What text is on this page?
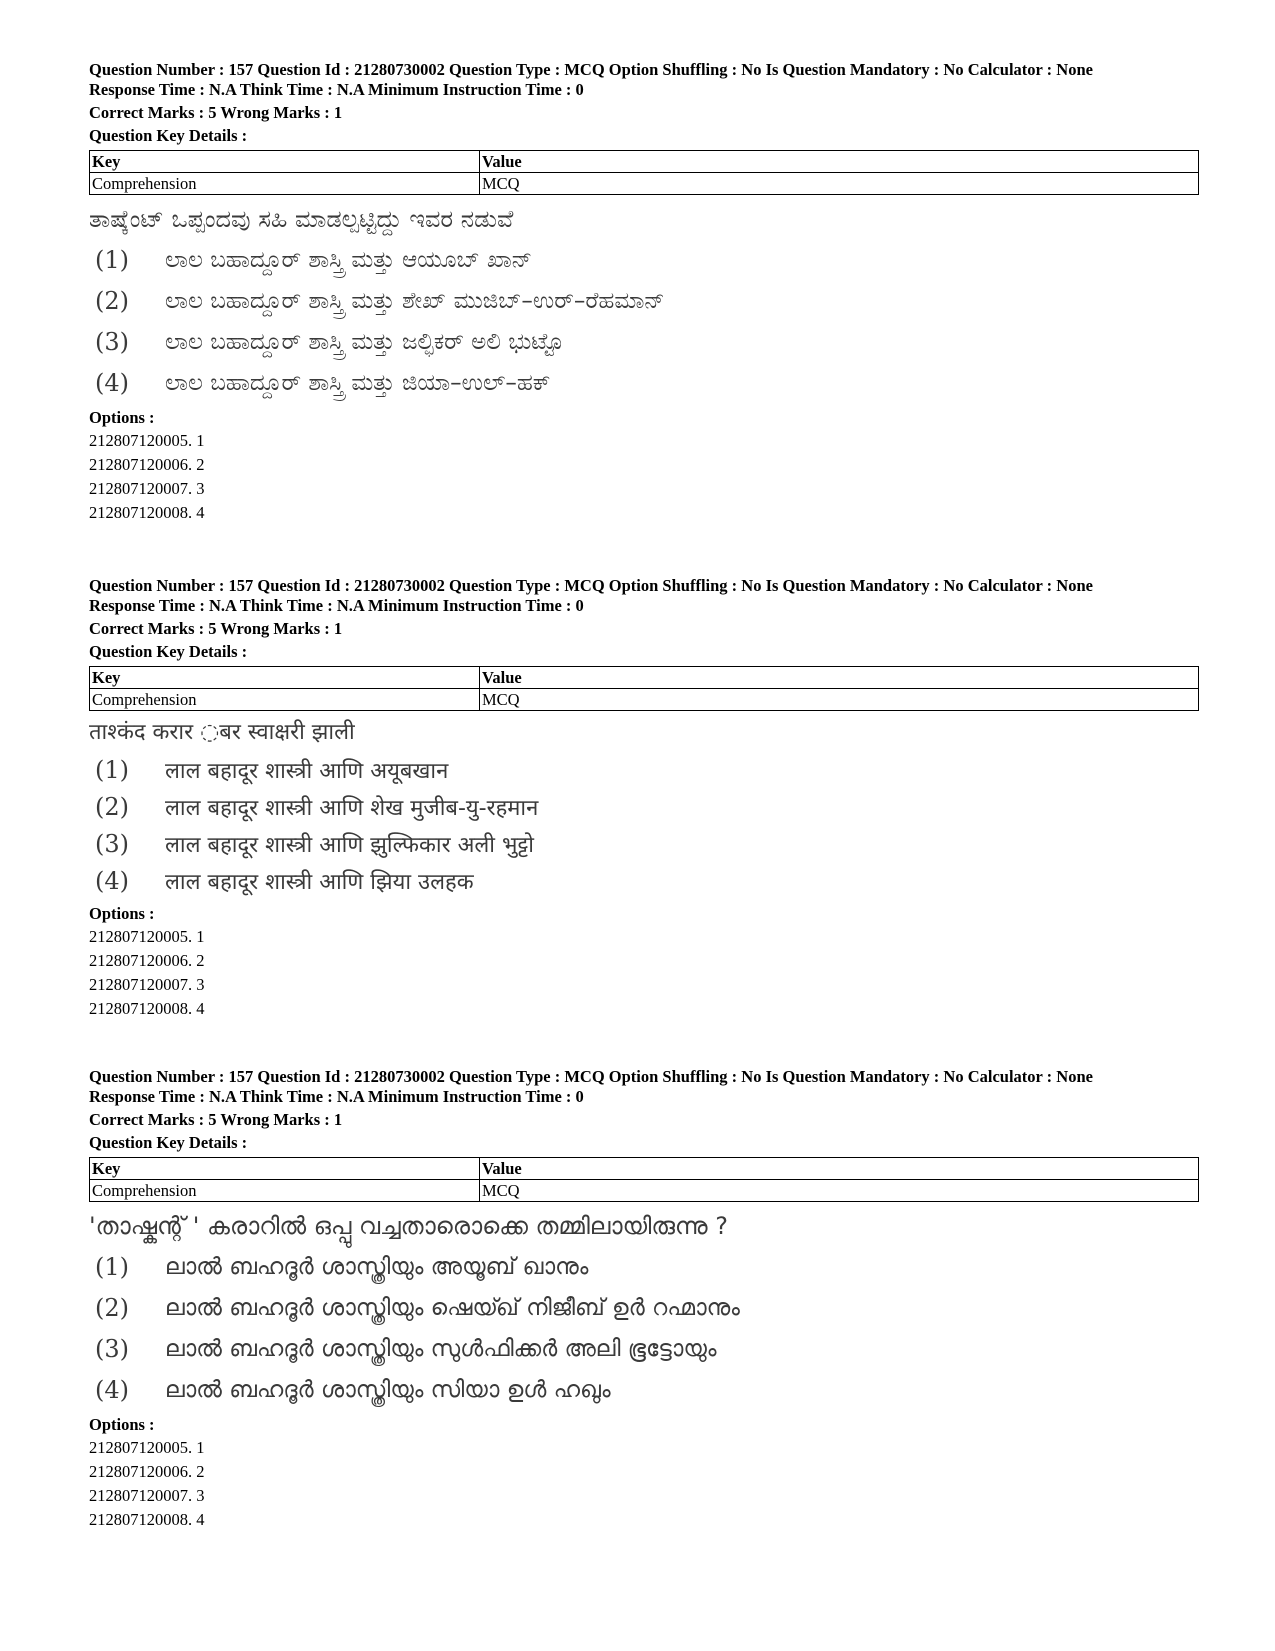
Question Number : 157 Question Id : 21280730002 Question Type : MCQ Option Shuffling : No Is Question Mandatory : No Calculator : None
Response Time : N.A Think Time : N.A Minimum Instruction Time : 0
Correct Marks : 5 Wrong Marks : 1
Question Key Details :
Key	Value
Comprehension	MCQ
ತಾಷ್ಕೆಂಟ್ ಒಪ್ಪಂದವು ಸಹಿ ಮಾಡಲ್ಪಟ್ಟಿದ್ದು ಇವರ ನಡುವೆ
(1)	ಲಾಲ ಬಹಾದ್ದೂರ್ ಶಾಸ್ತ್ರಿ ಮತ್ತು ಆಯೂಬ್ ಖಾನ್
(2)	ಲಾಲ ಬಹಾದ್ದೂರ್ ಶಾಸ್ತ್ರಿ ಮತ್ತು ಶೇಖ್ ಮುಜಿಬ್–ಉರ್–ರೆಹಮಾನ್
(3)	ಲಾಲ ಬಹಾದ್ದೂರ್ ಶಾಸ್ತ್ರಿ ಮತ್ತು ಜಲ್ಫಿಕರ್ ಅಲಿ ಭುಟ್ಟೊ
(4)	ಲಾಲ ಬಹಾದ್ದೂರ್ ಶಾಸ್ತ್ರಿ ಮತ್ತು ಜಿಯಾ–ಉಲ್–ಹಕ್
Options :
212807120005. 1
212807120006. 2
212807120007. 3
212807120008. 4
Question Number : 157 Question Id : 21280730002 Question Type : MCQ Option Shuffling : No Is Question Mandatory : No Calculator : None
Response Time : N.A Think Time : N.A Minimum Instruction Time : 0
Correct Marks : 5 Wrong Marks : 1
Question Key Details :
Key	Value
Comprehension	MCQ
ताश्कंद करार ◌बर स्वाक्षरी झाली
(1)	लाल बहादूर शास्त्री आणि अयूबखान
(2)	लाल बहादूर शास्त्री आणि शेख मुजीब-यु-रहमान
(3)	लाल बहादूर शास्त्री आणि झुल्फिकार अली भुट्टो
(4)	लाल बहादूर शास्त्री आणि झिया उलहक
Options :
212807120005. 1
212807120006. 2
212807120007. 3
212807120008. 4
Question Number : 157 Question Id : 21280730002 Question Type : MCQ Option Shuffling : No Is Question Mandatory : No Calculator : None
Response Time : N.A Think Time : N.A Minimum Instruction Time : 0
Correct Marks : 5 Wrong Marks : 1
Question Key Details :
Key	Value
Comprehension	MCQ
'താഷ്കന്റ് ' കരാറിൽ ഒപ്പു വച്ചതാരൊക്കെ തമ്മിലായിരുന്നു ?
(1)	ലാൽ ബഹദൂർ ശാസ്ത്രിയും അയൂബ് ഖാനും
(2)	ലാൽ ബഹദൂർ ശാസ്ത്രിയും ഷെയ്ഖ് നിജീബ് ഉർ റഹ്മാനും
(3)	ലാൽ ബഹദൂർ ശാസ്ത്രിയും സുൾഫിക്കർ അലി ഭൂട്ടോയും
(4)	ലാൽ ബഹദൂർ ശാസ്ത്രിയും സിയാ ഉൾ ഹഖും
Options :
212807120005. 1
212807120006. 2
212807120007. 3
212807120008. 4
